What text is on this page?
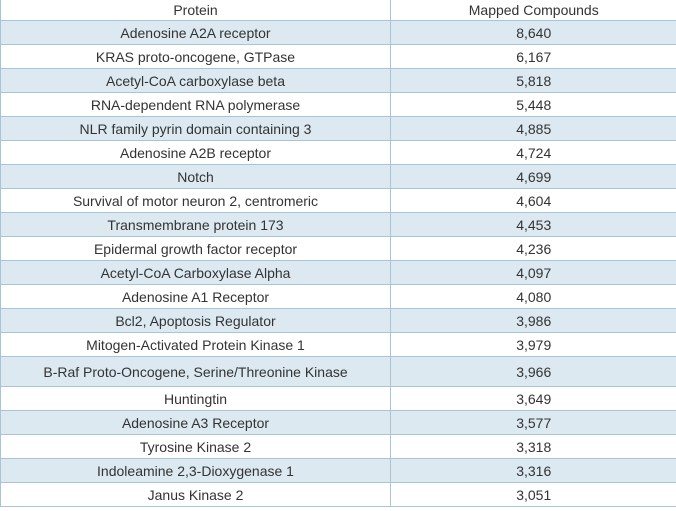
Protein	Mapped Compounds
Adenosine A2A receptor	8,640
KRAS proto-oncogene, GTPase	6,167
Acetyl-CoA carboxylase beta	5,818
RNA-dependent RNA polymerase	5,448
NLR family pyrin domain containing 3	4,885
Adenosine A2B receptor	4,724
Notch	4,699
Survival of motor neuron 2, centromeric	4,604
Transmembrane protein 173	4,453
Epidermal growth factor receptor	4,236
Acetyl-CoA Carboxylase Alpha	4,097
Adenosine A1 Receptor	4,080
Bcl2, Apoptosis Regulator	3,986
Mitogen-Activated Protein Kinase 1	3,979
B-Raf Proto-Oncogene, Serine/Threonine Kinase	3,966
Huntingtin	3,649
Adenosine A3 Receptor	3,577
Tyrosine Kinase 2	3,318
Indoleamine 2,3-Dioxygenase 1	3,316
Janus Kinase 2	3,051
